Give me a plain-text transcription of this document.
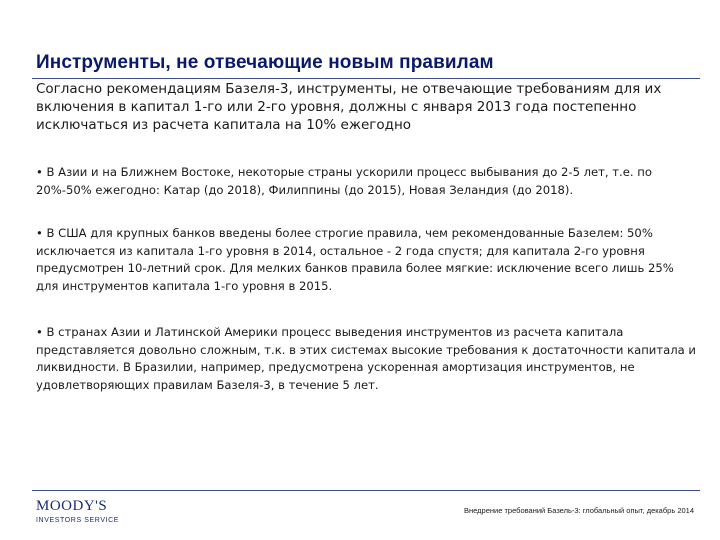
Инструменты, не отвечающие новым правилам
Согласно рекомендациям Базеля-3, инструменты, не отвечающие требованиям для их включения в капитал 1-го или 2-го уровня, должны с января 2013 года постепенно исключаться из расчета капитала на 10% ежегодно
• В Азии и на Ближнем Востоке, некоторые страны ускорили процесс выбывания до 2-5 лет, т.е. по 20%-50% ежегодно: Катар (до 2018), Филиппины (до 2015), Новая Зеландия (до 2018).
• В США для крупных банков введены более строгие правила, чем рекомендованные Базелем: 50% исключается из капитала 1-го уровня в 2014, остальное - 2 года спустя; для капитала 2-го уровня предусмотрен 10-летний срок. Для мелких банков правила более мягкие: исключение всего лишь 25% для инструментов капитала 1-го уровня в 2015.
• В странах Азии и Латинской Америки процесс выведения инструментов из расчета капитала представляется довольно сложным, т.к. в этих системах высокие требования к достаточности капитала и ликвидности. В Бразилии, например, предусмотрена ускоренная амортизация инструментов, не удовлетворяющих правилам Базеля-3, в течение 5 лет.
MOODY'S
INVESTORS SERVICE
Внедрение требований Базель-3: глобальный опыт, декабрь 2014
